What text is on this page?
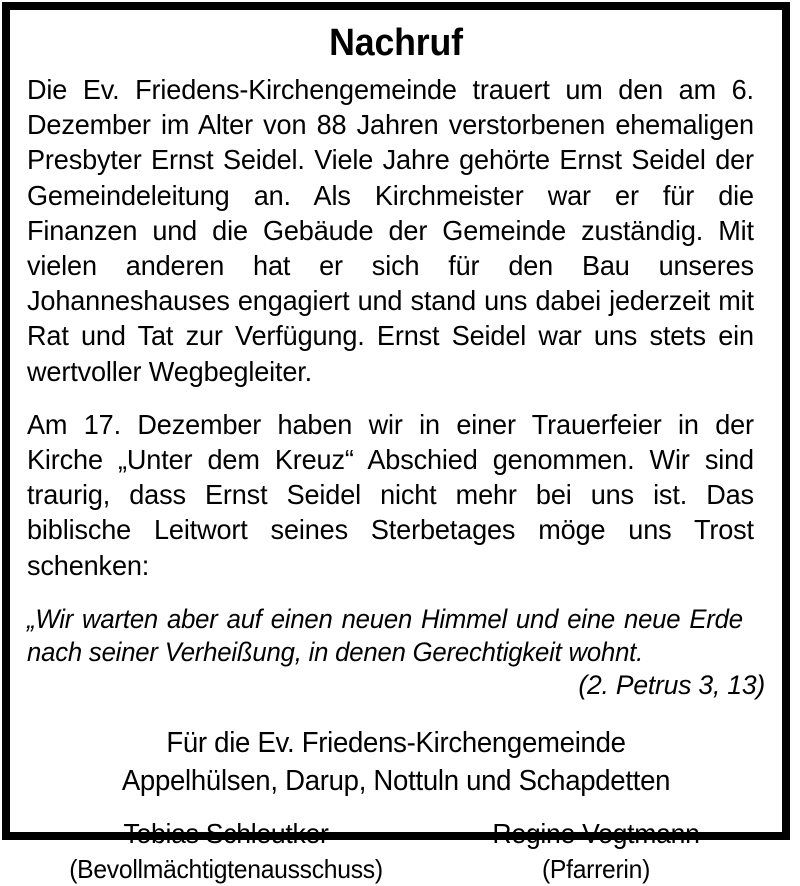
Nachruf

Die Ev. Friedens-Kirchengemeinde trauert um den am 6. Dezember im Alter von 88 Jahren verstorbenen ehemaligen Presbyter Ernst Seidel. Viele Jahre gehörte Ernst Seidel der Gemeindeleitung an. Als Kirchmeister war er für die Finanzen und die Gebäude der Gemeinde zuständig. Mit vielen anderen hat er sich für den Bau unseres Johanneshauses engagiert und stand uns dabei jederzeit mit Rat und Tat zur Verfügung. Ernst Seidel war uns stets ein wertvoller Wegbegleiter.

Am 17. Dezember haben wir in einer Trauerfeier in der Kirche „Unter dem Kreuz“ Abschied genommen. Wir sind traurig, dass Ernst Seidel nicht mehr bei uns ist. Das biblische Leitwort seines Sterbetages möge uns Trost schenken:

„Wir warten aber auf einen neuen Himmel und eine neue Erde nach seiner Verheißung, in denen Gerechtigkeit wohnt.

(2. Petrus 3, 13)

Für die Ev. Friedens-Kirchengemeinde

Appelhülsen, Darup, Nottuln und Schapdetten

Tobias Schleutker

(Bevollmächtigtenausschuss)

Regine Vogtmann

(Pfarrerin)
